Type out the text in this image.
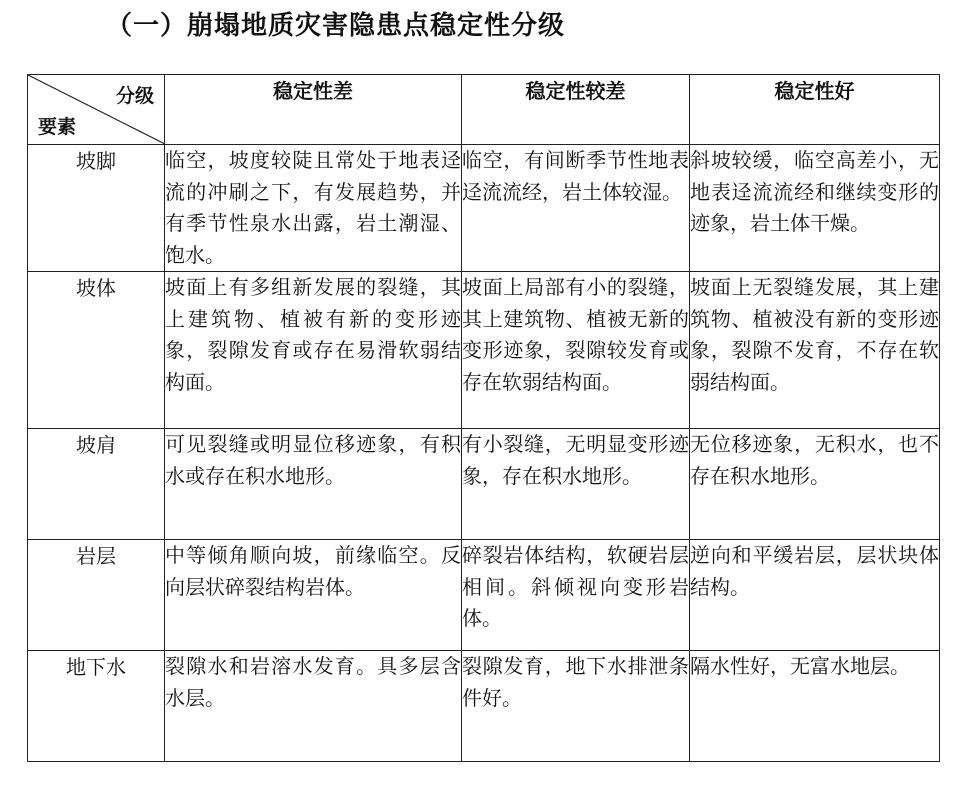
（一）崩塌地质灾害隐患点稳定性分级
分级
要素	稳定性差	稳定性较差	稳定性好
坡脚	临空，坡度较陡且常处于地表迳流的冲刷之下，有发展趋势，并有季节性泉水出露，岩土潮湿、饱水。	临空，有间断季节性地表迳流流经，岩土体较湿。	斜坡较缓，临空高差小，无地表迳流流经和继续变形的迹象，岩土体干燥。
坡体	坡面上有多组新发展的裂缝，其上建筑物、植被有新的变形迹象，裂隙发育或存在易滑软弱结构面。	坡面上局部有小的裂缝，其上建筑物、植被无新的变形迹象，裂隙较发育或存在软弱结构面。	坡面上无裂缝发展，其上建筑物、植被没有新的变形迹象，裂隙不发育，不存在软弱结构面。
坡肩	可见裂缝或明显位移迹象，有积水或存在积水地形。	有小裂缝，无明显变形迹象，存在积水地形。	无位移迹象，无积水，也不存在积水地形。
岩层	中等倾角顺向坡，前缘临空。反向层状碎裂结构岩体。	碎裂岩体结构，软硬岩层相间。斜倾视向变形岩体。	逆向和平缓岩层，层状块体结构。
地下水	裂隙水和岩溶水发育。具多层含水层。	裂隙发育，地下水排泄条件好。	隔水性好，无富水地层。
